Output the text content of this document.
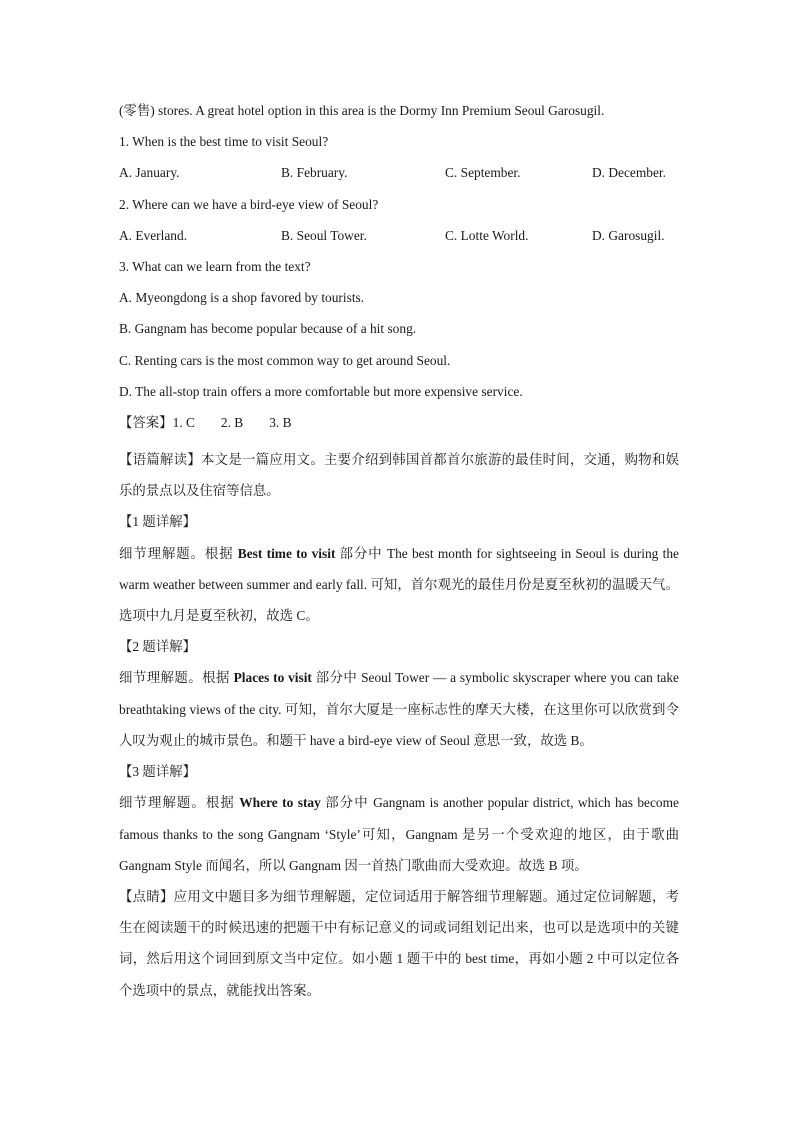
(零售) stores. A great hotel option in this area is the Dormy Inn Premium Seoul Garosugil.

1. When is the best time to visit Seoul?

A. January.	B. February.	C. September.	D. December.

2. Where can we have a bird-eye view of Seoul?

A. Everland.	B. Seoul Tower.	C. Lotte World.	D. Garosugil.

3. What can we learn from the text?

A. Myeongdong is a shop favored by tourists.

B. Gangnam has become popular because of a hit song.

C. Renting cars is the most common way to get around Seoul.

D. The all-stop train offers a more comfortable but more expensive service.

【答案】1. C 2. B 3. B

【语篇解读】本文是一篇应用文。主要介绍到韩国首都首尔旅游的最佳时间，交通，购物和娱乐的景点以及住宿等信息。

【1 题详解】

细节理解题。根据 Best time to visit 部分中 The best month for sightseeing in Seoul is during the warm weather between summer and early fall. 可知，首尔观光的最佳月份是夏至秋初的温暖天气。选项中九月是夏至秋初，故选 C。

【2 题详解】

细节理解题。根据 Places to visit 部分中 Seoul Tower — a symbolic skyscraper where you can take breathtaking views of the city. 可知，首尔大厦是一座标志性的摩天大楼，在这里你可以欣赏到令人叹为观止的城市景色。和题干 have a bird-eye view of Seoul 意思一致，故选 B。

【3 题详解】

细节理解题。根据 Where to stay 部分中 Gangnam is another popular district, which has become famous thanks to the song Gangnam ‘Style’可知，Gangnam 是另一个受欢迎的地区，由于歌曲 Gangnam Style 而闻名，所以 Gangnam 因一首热门歌曲而大受欢迎。故选 B 项。

【点睛】应用文中题目多为细节理解题，定位词适用于解答细节理解题。通过定位词解题，考生在阅读题干的时候迅速的把题干中有标记意义的词或词组划记出来，也可以是选项中的关键词，然后用这个词回到原文当中定位。如小题 1 题干中的 best time，再如小题 2 中可以定位各个选项中的景点，就能找出答案。
